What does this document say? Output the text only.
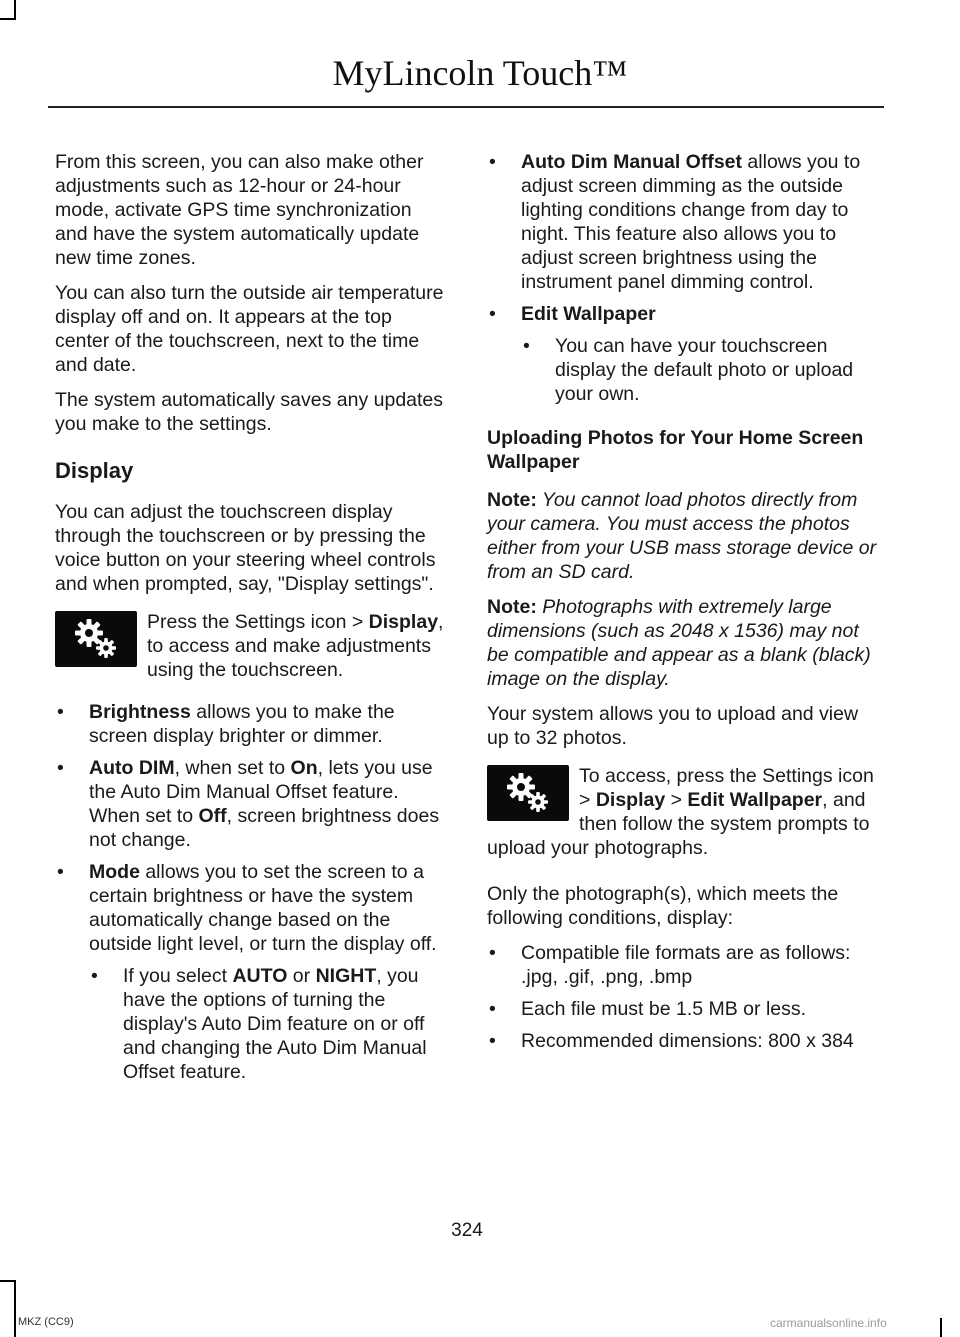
MyLincoln Touch™

From this screen, you can also make other adjustments such as 12-hour or 24-hour mode, activate GPS time synchronization and have the system automatically update new time zones.

You can also turn the outside air temperature display off and on. It appears at the top center of the touchscreen, next to the time and date.

The system automatically saves any updates you make to the settings.

Display

You can adjust the touchscreen display through the touchscreen or by pressing the voice button on your steering wheel controls and when prompted, say, "Display settings".

Press the Settings icon > Display, to access and make adjustments using the touchscreen.

• Brightness allows you to make the screen display brighter or dimmer.
• Auto DIM, when set to On, lets you use the Auto Dim Manual Offset feature. When set to Off, screen brightness does not change.
• Mode allows you to set the screen to a certain brightness or have the system automatically change based on the outside light level, or turn the display off.
• If you select AUTO or NIGHT, you have the options of turning the display's Auto Dim feature on or off and changing the Auto Dim Manual Offset feature.
• Auto Dim Manual Offset allows you to adjust screen dimming as the outside lighting conditions change from day to night. This feature also allows you to adjust screen brightness using the instrument panel dimming control.
• Edit Wallpaper
• You can have your touchscreen display the default photo or upload your own.
Uploading Photos for Your Home Screen Wallpaper

Note: You cannot load photos directly from your camera. You must access the photos either from your USB mass storage device or from an SD card.

Note: Photographs with extremely large dimensions (such as 2048 x 1536) may not be compatible and appear as a blank (black) image on the display.

Your system allows you to upload and view up to 32 photos.

To access, press the Settings icon > Display > Edit Wallpaper, and then follow the system prompts to upload your photographs.

Only the photograph(s), which meets the following conditions, display:

• Compatible file formats are as follows: .jpg, .gif, .png, .bmp
• Each file must be 1.5 MB or less.
• Recommended dimensions: 800 x 384
324
MKZ (CC9)	carmanualsonline.info
